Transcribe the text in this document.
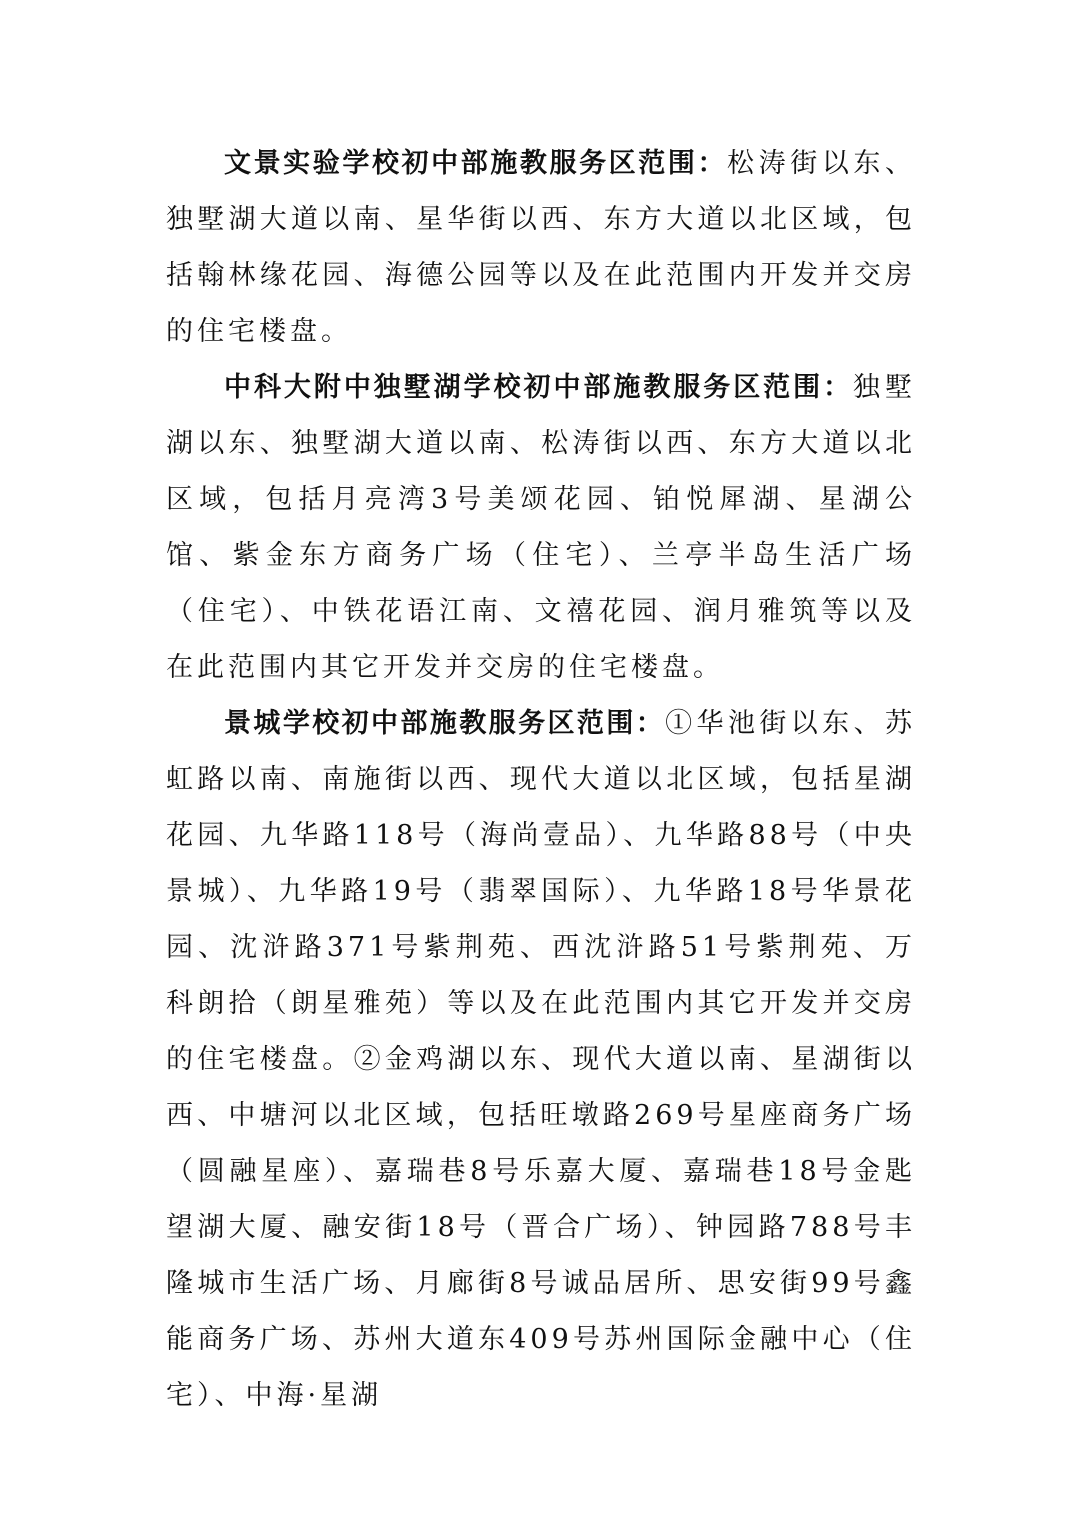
文景实验学校初中部施教服务区范围：松涛街以东、独墅湖大道以南、星华街以西、东方大道以北区域，包括翰林缘花园、海德公园等以及在此范围内开发并交房的住宅楼盘。

中科大附中独墅湖学校初中部施教服务区范围：独墅湖以东、独墅湖大道以南、松涛街以西、东方大道以北区域，包括月亮湾3号美颂花园、铂悦犀湖、星湖公馆、紫金东方商务广场（住宅）、兰亭半岛生活广场（住宅）、中铁花语江南、文禧花园、润月雅筑等以及在此范围内其它开发并交房的住宅楼盘。

景城学校初中部施教服务区范围：①华池街以东、苏虹路以南、南施街以西、现代大道以北区域，包括星湖花园、九华路118号（海尚壹品）、九华路88号（中央景城）、九华路19号（翡翠国际）、九华路18号华景花园、沈浒路371号紫荆苑、西沈浒路51号紫荆苑、万科朗拾（朗星雅苑）等以及在此范围内其它开发并交房的住宅楼盘。②金鸡湖以东、现代大道以南、星湖街以西、中塘河以北区域，包括旺墩路269号星座商务广场（圆融星座）、嘉瑞巷8号乐嘉大厦、嘉瑞巷18号金匙望湖大厦、融安街18号（晋合广场）、钟园路788号丰隆城市生活广场、月廊街8号诚品居所、思安街99号鑫能商务广场、苏州大道东409号苏州国际金融中心（住宅）、中海·星湖
